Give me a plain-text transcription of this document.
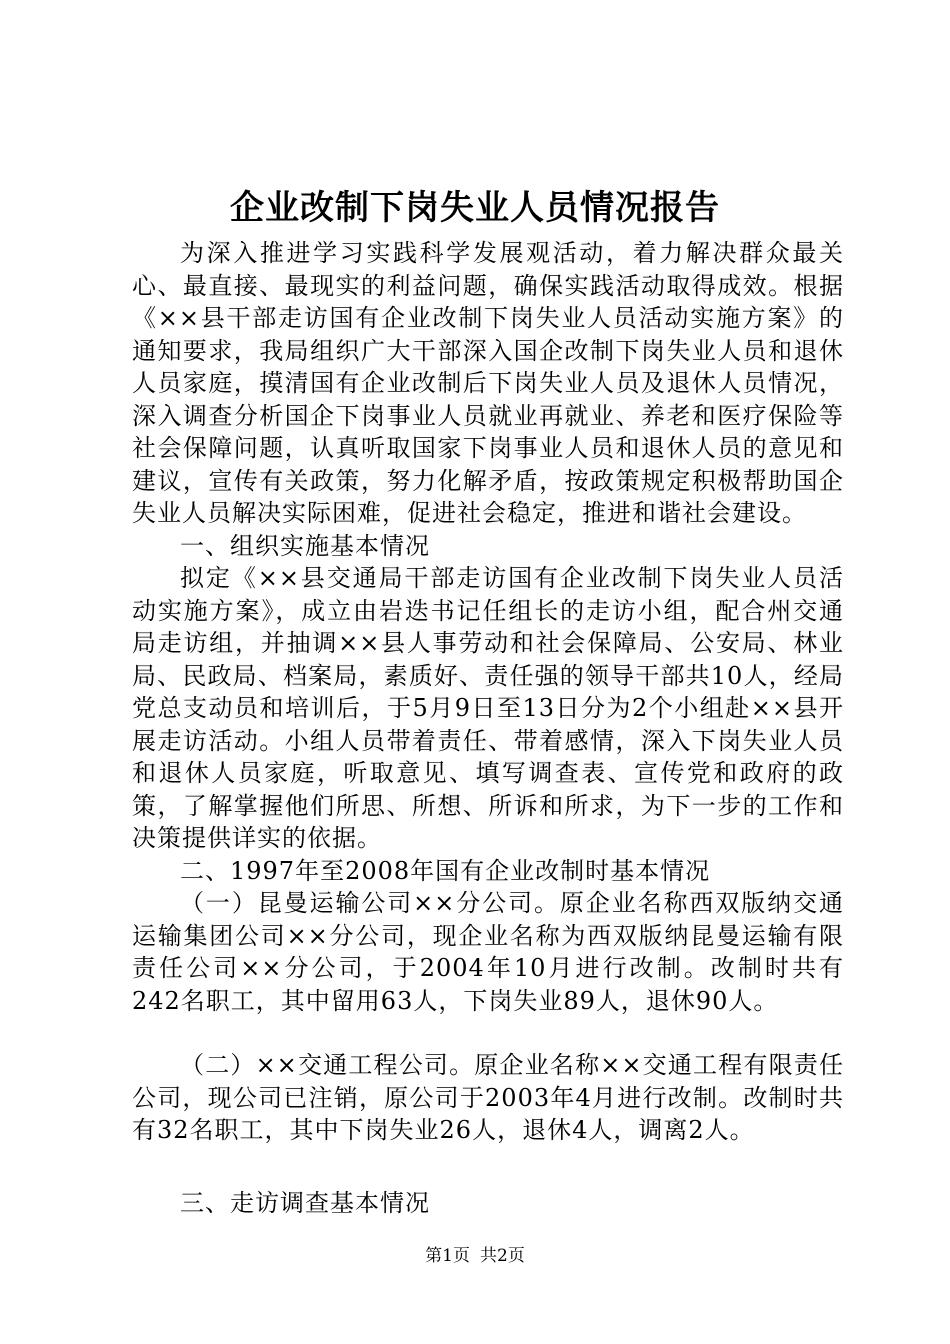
企业改制下岗失业人员情况报告

为深入推进学习实践科学发展观活动，着力解决群众最关心、最直接、最现实的利益问题，确保实践活动取得成效。根据《××县干部走访国有企业改制下岗失业人员活动实施方案》的通知要求，我局组织广大干部深入国企改制下岗失业人员和退休人员家庭，摸清国有企业改制后下岗失业人员及退休人员情况，深入调查分析国企下岗事业人员就业再就业、养老和医疗保险等社会保障问题，认真听取国家下岗事业人员和退休人员的意见和建议，宣传有关政策，努力化解矛盾，按政策规定积极帮助国企失业人员解决实际困难，促进社会稳定，推进和谐社会建设。

一、组织实施基本情况

拟定《××县交通局干部走访国有企业改制下岗失业人员活动实施方案》，成立由岩迭书记任组长的走访小组，配合州交通局走访组，并抽调××县人事劳动和社会保障局、公安局、林业局、民政局、档案局，素质好、责任强的领导干部共10人，经局党总支动员和培训后，于5月9日至13日分为2个小组赴××县开展走访活动。小组人员带着责任、带着感情，深入下岗失业人员和退休人员家庭，听取意见、填写调查表、宣传党和政府的政策，了解掌握他们所思、所想、所诉和所求，为下一步的工作和决策提供详实的依据。

二、1997年至2008年国有企业改制时基本情况

（一）昆曼运输公司××分公司。原企业名称西双版纳交通运输集团公司××分公司，现企业名称为西双版纳昆曼运输有限责任公司××分公司，于2004年10月进行改制。改制时共有242名职工，其中留用63人，下岗失业89人，退休90人。

（二）××交通工程公司。原企业名称××交通工程有限责任公司，现公司已注销，原公司于2003年4月进行改制。改制时共有32名职工，其中下岗失业26人，退休4人，调离2人。

三、走访调查基本情况

第1页 共2页
